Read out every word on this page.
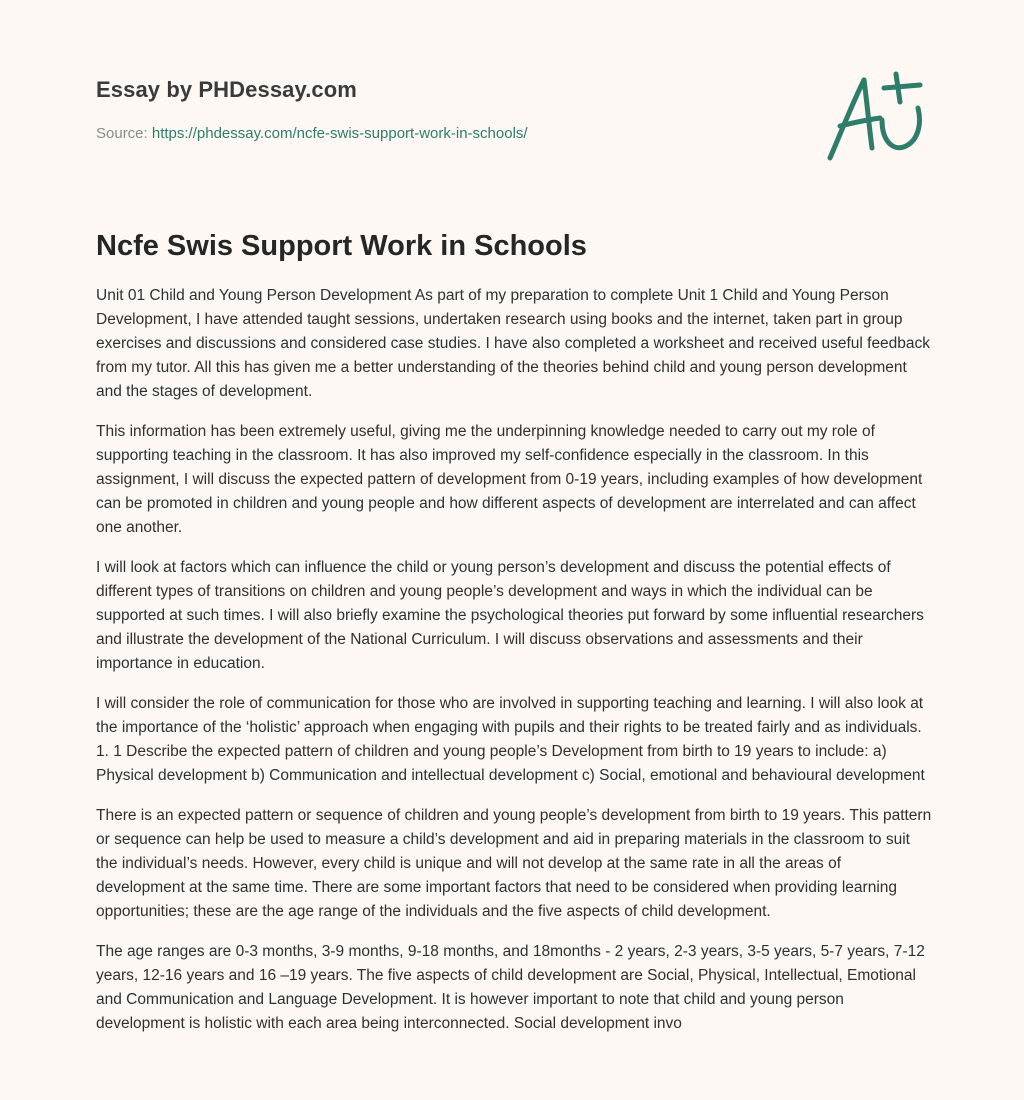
Essay by PHDessay.com

Source: https://phdessay.com/ncfe-swis-support-work-in-schools/

Ncfe Swis Support Work in Schools

Unit 01 Child and Young Person Development As part of my preparation to complete Unit 1 Child and Young Person Development, I have attended taught sessions, undertaken research using books and the internet, taken part in group exercises and discussions and considered case studies. I have also completed a worksheet and received useful feedback from my tutor. All this has given me a better understanding of the theories behind child and young person development and the stages of development.

This information has been extremely useful, giving me the underpinning knowledge needed to carry out my role of supporting teaching in the classroom. It has also improved my self-confidence especially in the classroom. In this assignment, I will discuss the expected pattern of development from 0-19 years, including examples of how development can be promoted in children and young people and how different aspects of development are interrelated and can affect one another.

I will look at factors which can influence the child or young person’s development and discuss the potential effects of different types of transitions on children and young people’s development and ways in which the individual can be supported at such times. I will also briefly examine the psychological theories put forward by some influential researchers and illustrate the development of the National Curriculum. I will discuss observations and assessments and their importance in education.

I will consider the role of communication for those who are involved in supporting teaching and learning. I will also look at the importance of the ‘holistic’ approach when engaging with pupils and their rights to be treated fairly and as individuals. 1. 1 Describe the expected pattern of children and young people’s Development from birth to 19 years to include: a) Physical development b) Communication and intellectual development c) Social, emotional and behavioural development

There is an expected pattern or sequence of children and young people’s development from birth to 19 years. This pattern or sequence can help be used to measure a child’s development and aid in preparing materials in the classroom to suit the individual’s needs. However, every child is unique and will not develop at the same rate in all the areas of development at the same time. There are some important factors that need to be considered when providing learning opportunities; these are the age range of the individuals and the five aspects of child development.

The age ranges are 0-3 months, 3-9 months, 9-18 months, and 18months - 2 years, 2-3 years, 3-5 years, 5-7 years, 7-12 years, 12-16 years and 16 –19 years. The five aspects of child development are Social, Physical, Intellectual, Emotional and Communication and Language Development. It is however important to note that child and young person development is holistic with each area being interconnected. Social development invo
